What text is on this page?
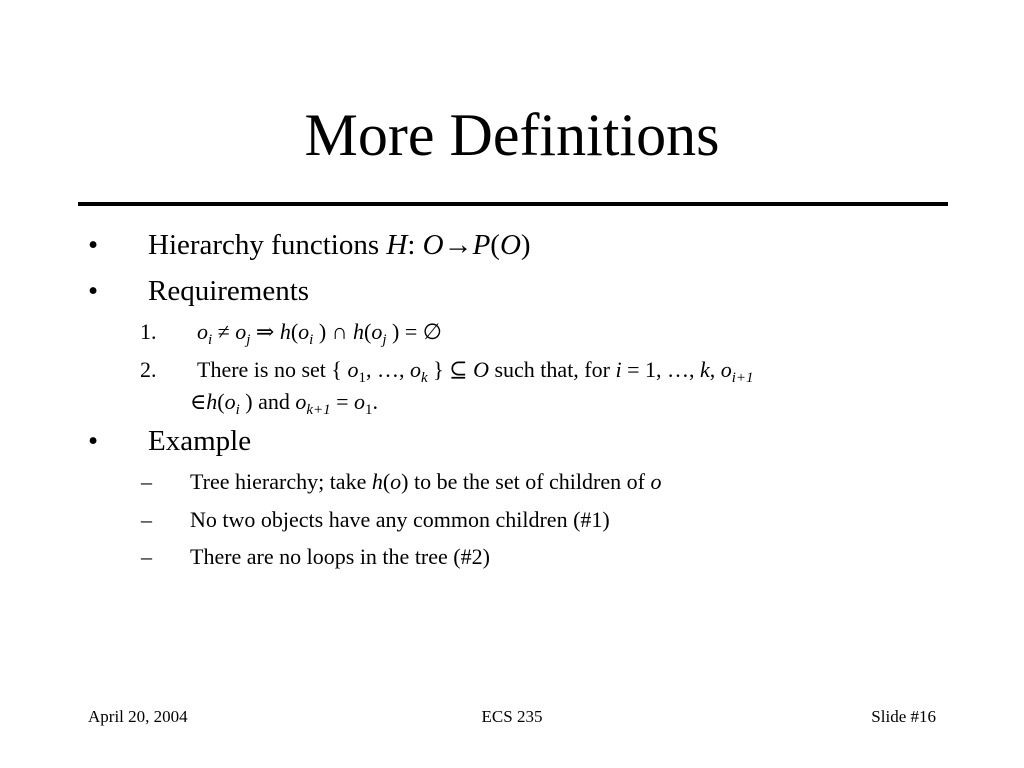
More Definitions
• Hierarchy functions H: O→P(O)
• Requirements
1. $o_i \ne o_j$ ⇒ $h(o_i$ ) ∩ $h(o_j$ ) = ∅
2. There is no set { $o_1$, …, $o_k$ } ⊆ O such that, for i = 1, …, k, $o_{i+1}$
$\in h(o_i$ ) and $o_{k+1} = o_1$.
• Example
– Tree hierarchy; take h(o) to be the set of children of o
– No two objects have any common children (#1)
– There are no loops in the tree (#2)
April 20, 2004	ECS 235	Slide #16
